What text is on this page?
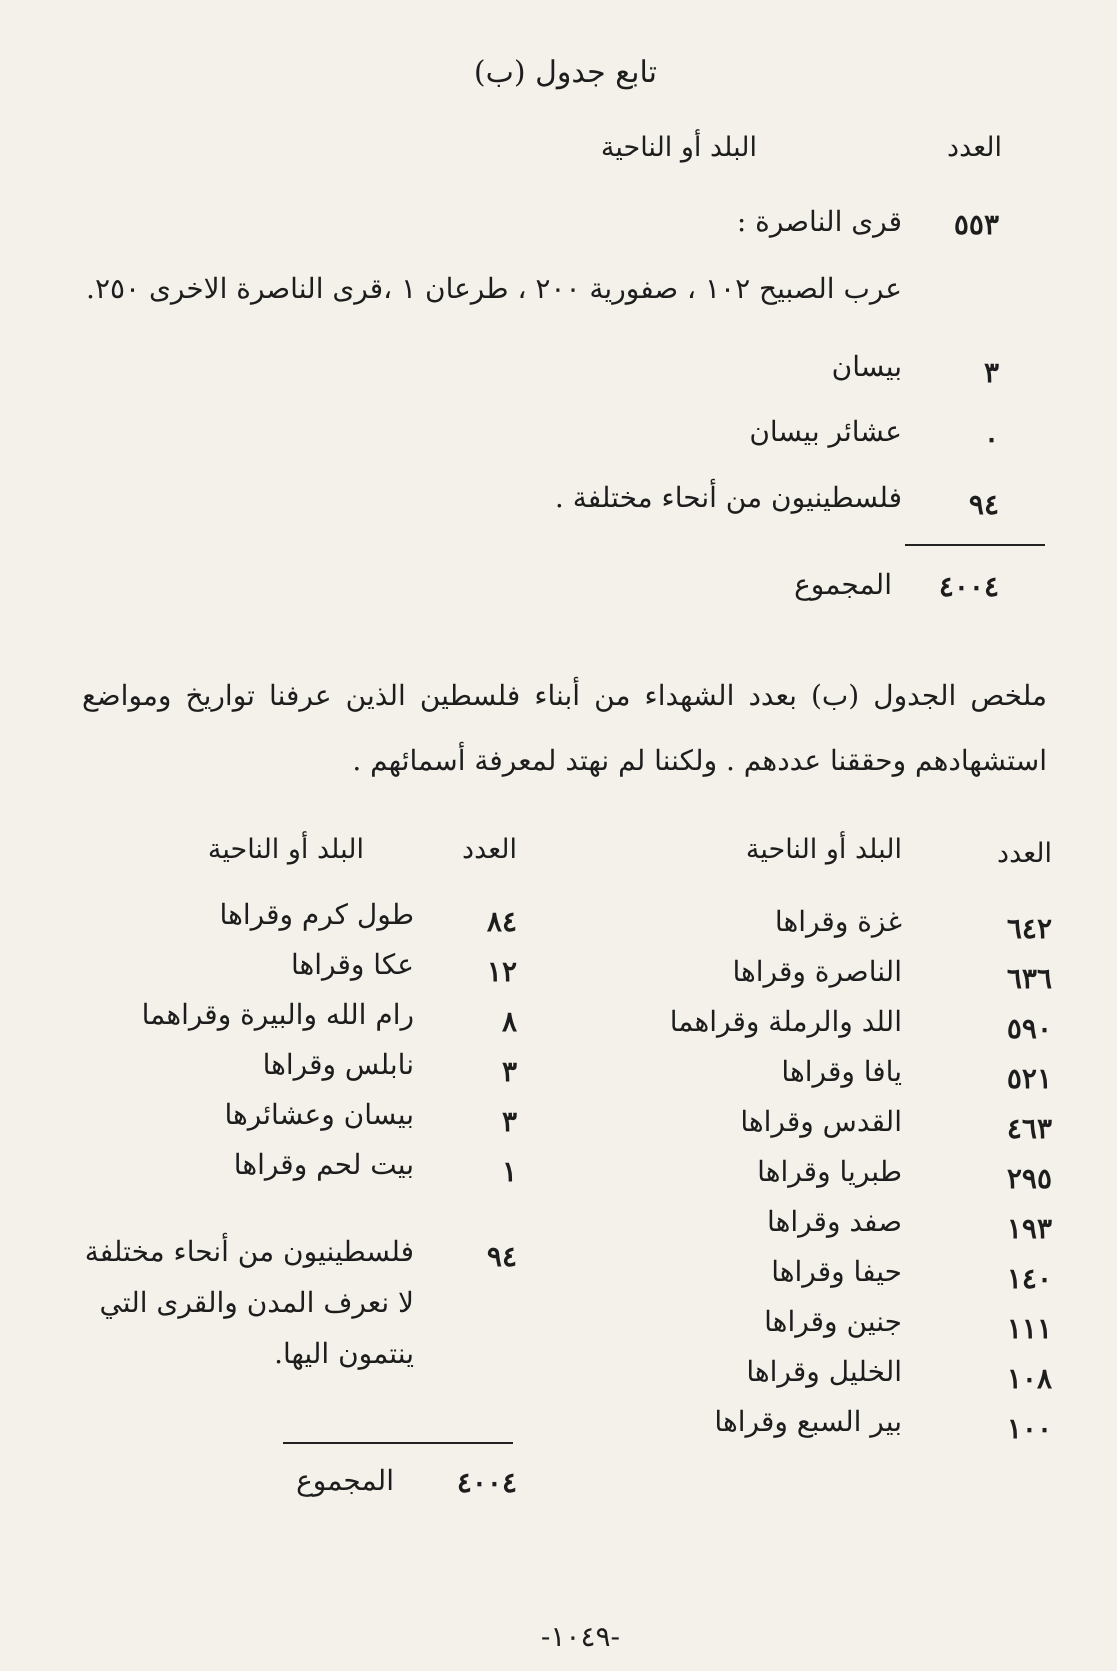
تابع جدول (ب)
العدد
البلد أو الناحية
٥٥٣
قرى الناصرة :
عرب الصبيح ١٠٢ ، صفورية ٢٠٠ ، طرعان ١ ،قرى الناصرة الاخرى ٢٥٠.
٣
بيسان
٠
عشائر بيسان
٩٤
فلسطينيون من أنحاء مختلفة .
٤٠٠٤
المجموع
ملخص الجدول (ب) بعدد الشهداء من أبناء فلسطين الذين عرفنا تواريخ ومواضع استشهادهم وحققنا عددهم . ولكننا لم نهتد لمعرفة أسمائهم .
العدد
البلد أو الناحية
العدد
البلد أو الناحية
٦٤٢
غزة وقراها
٦٣٦
الناصرة وقراها
٥٩٠
اللد والرملة وقراهما
٥٢١
يافا وقراها
٤٦٣
القدس وقراها
٢٩٥
طبريا وقراها
١٩٣
صفد وقراها
١٤٠
حيفا وقراها
١١١
جنين وقراها
١٠٨
الخليل وقراها
١٠٠
بير السبع وقراها
٨٤
طول كرم وقراها
١٢
عكا وقراها
٨
رام الله والبيرة وقراهما
٣
نابلس وقراها
٣
بيسان وعشائرها
١
بيت لحم وقراها
٩٤
فلسطينيون من أنحاء مختلفة لا نعرف المدن والقرى التي ينتمون اليها.
٤٠٠٤
المجموع
-١٠٤٩-
